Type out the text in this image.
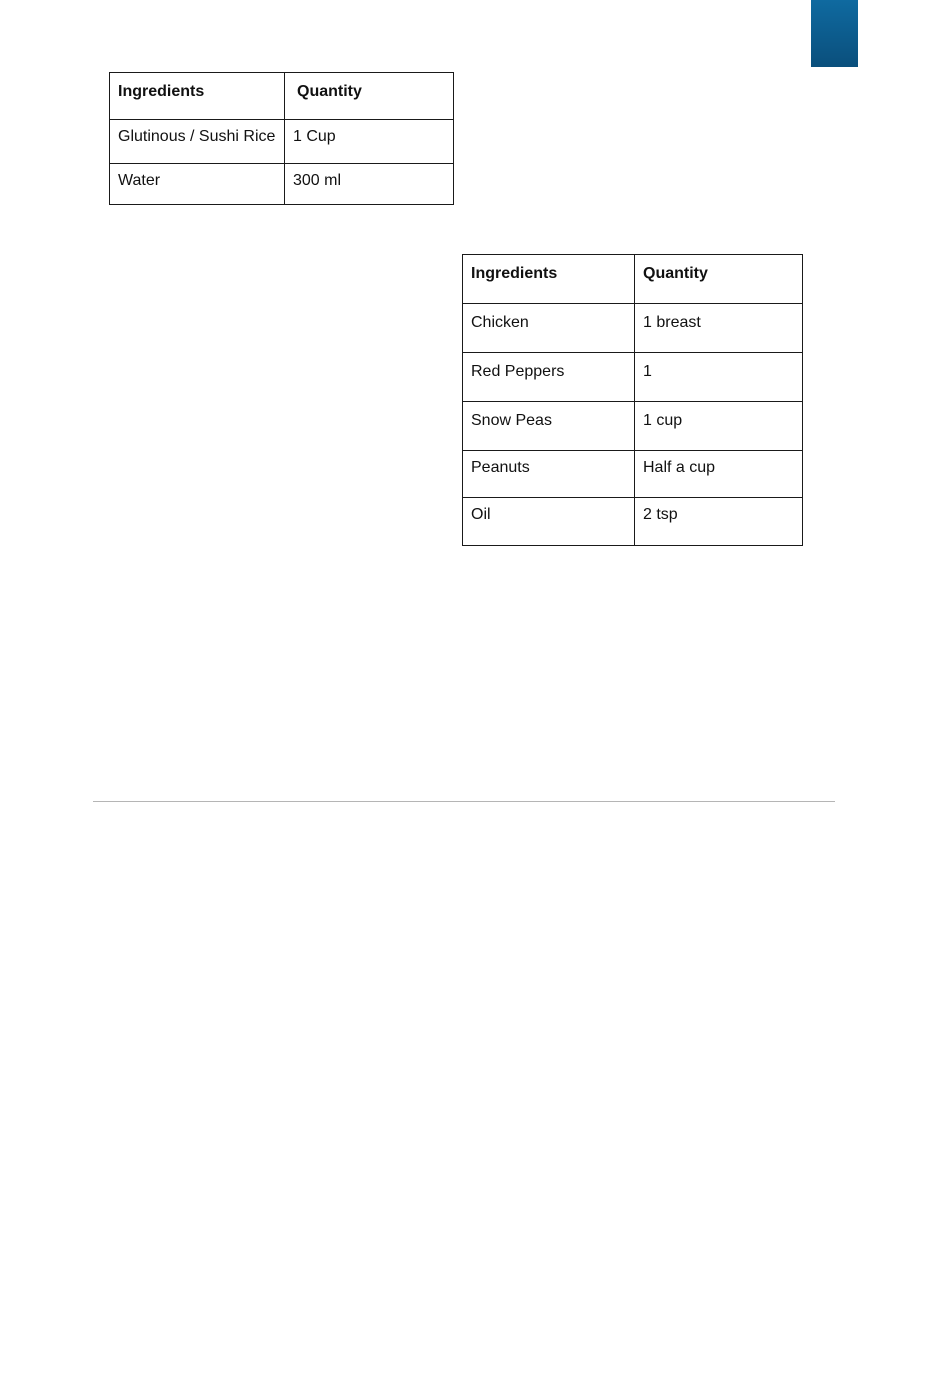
Ingredients	Quantity
Glutinous / Sushi Rice	1 Cup
Water	300 ml
Ingredients	Quantity
Chicken	1 breast
Red Peppers	1
Snow Peas	1 cup
Peanuts	Half a cup
Oil	2 tsp
